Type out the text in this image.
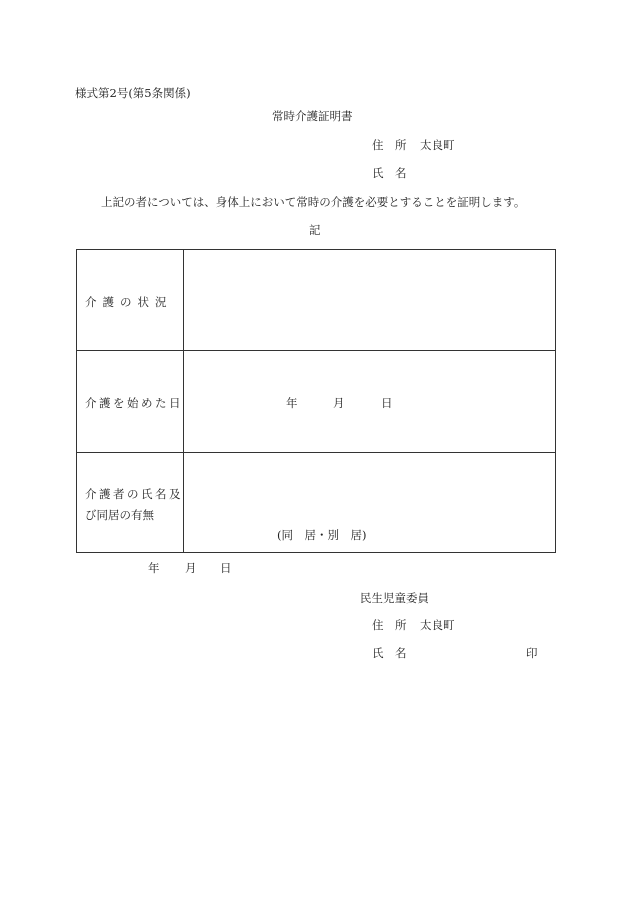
様式第2号(第5条関係)
常時介護証明書
住　所 太良町
氏　名
上記の者については、身体上において常時の介護を必要とすることを証明します。
記
介護の状況
介護を始めた日	年	月	日
介護者の氏名及
び同居の有無
(同　居・別　居)
年 月 日
民生児童委員
住　所 太良町
氏　名	印
